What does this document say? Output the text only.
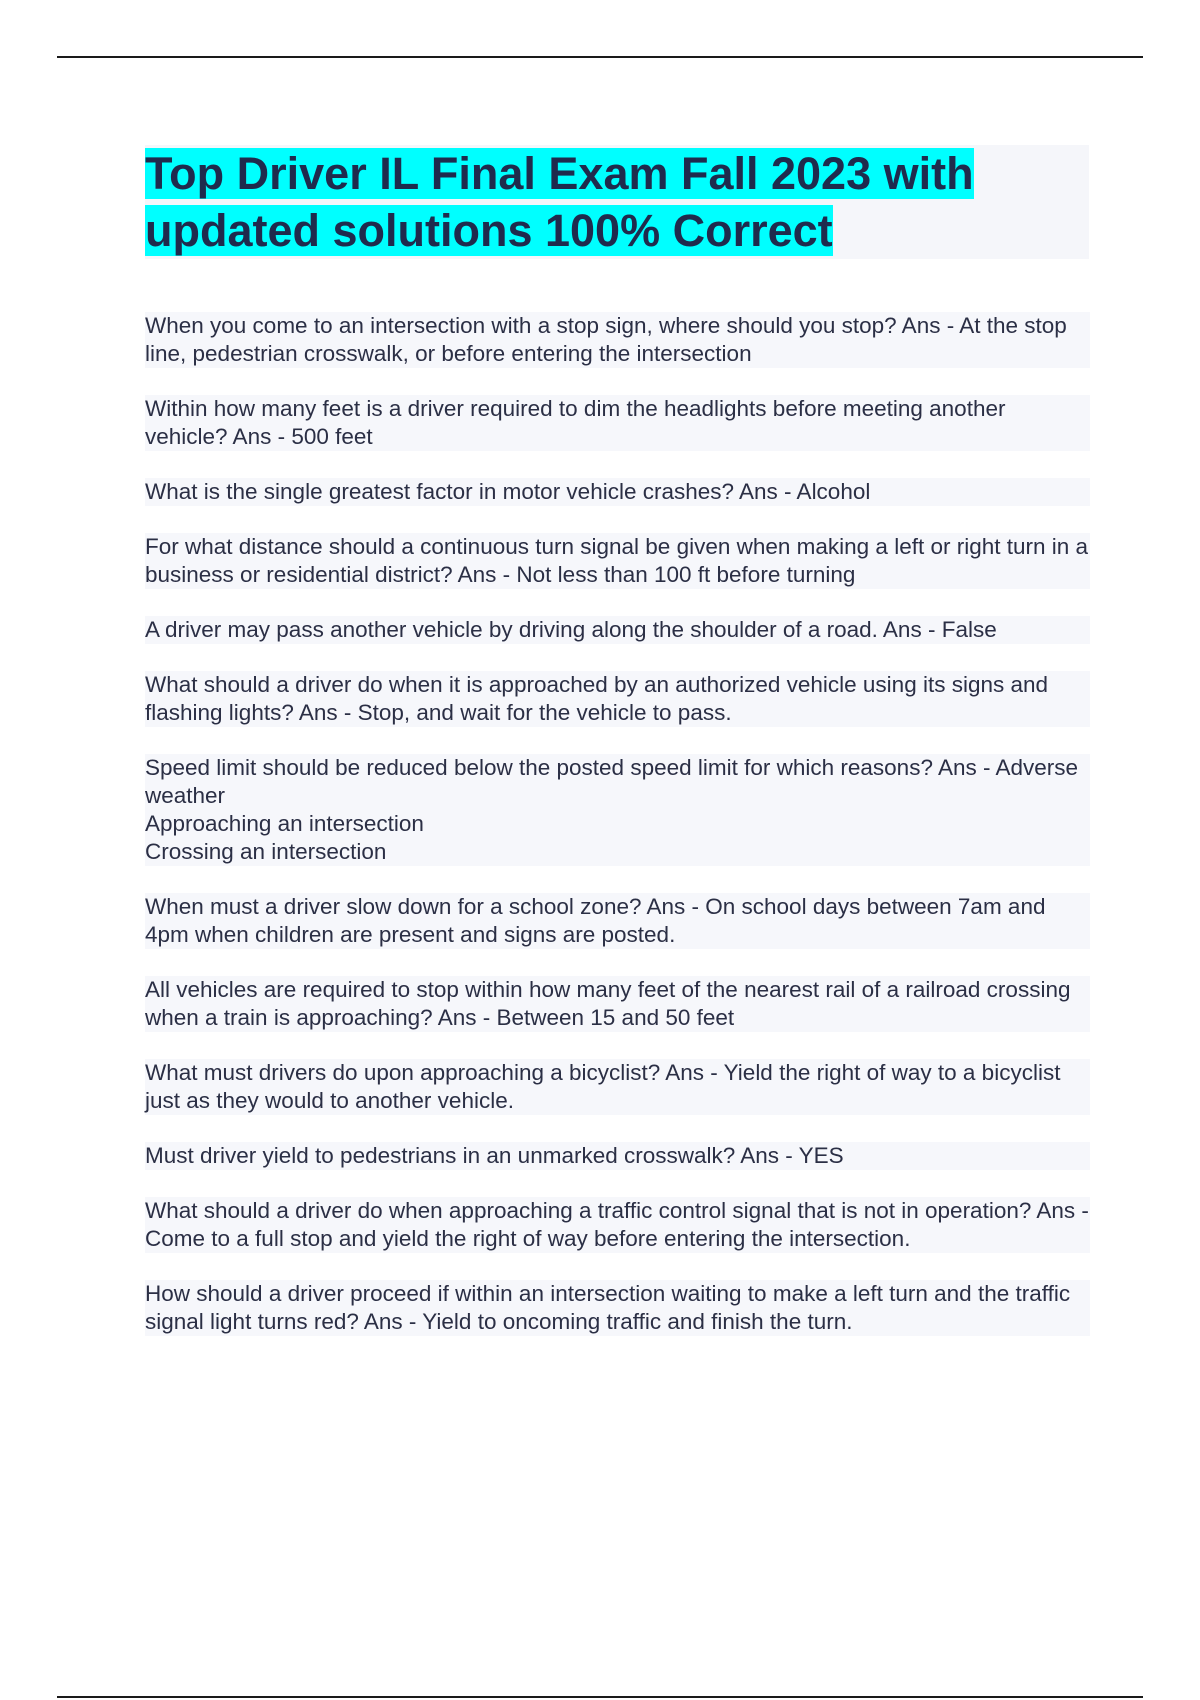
Top Driver IL Final Exam Fall 2023 with updated solutions 100% Correct

When you come to an intersection with a stop sign, where should you stop? Ans - At the stop line, pedestrian crosswalk, or before entering the intersection

Within how many feet is a driver required to dim the headlights before meeting another vehicle? Ans - 500 feet

What is the single greatest factor in motor vehicle crashes? Ans - Alcohol

For what distance should a continuous turn signal be given when making a left or right turn in a business or residential district? Ans - Not less than 100 ft before turning

A driver may pass another vehicle by driving along the shoulder of a road. Ans - False

What should a driver do when it is approached by an authorized vehicle using its signs and flashing lights? Ans - Stop, and wait for the vehicle to pass.

Speed limit should be reduced below the posted speed limit for which reasons? Ans - Adverse weather
Approaching an intersection
Crossing an intersection

When must a driver slow down for a school zone? Ans - On school days between 7am and 4pm when children are present and signs are posted.

All vehicles are required to stop within how many feet of the nearest rail of a railroad crossing when a train is approaching? Ans - Between 15 and 50 feet

What must drivers do upon approaching a bicyclist? Ans - Yield the right of way to a bicyclist just as they would to another vehicle.

Must driver yield to pedestrians in an unmarked crosswalk? Ans - YES

What should a driver do when approaching a traffic control signal that is not in operation? Ans - Come to a full stop and yield the right of way before entering the intersection.

How should a driver proceed if within an intersection waiting to make a left turn and the traffic signal light turns red? Ans - Yield to oncoming traffic and finish the turn.
